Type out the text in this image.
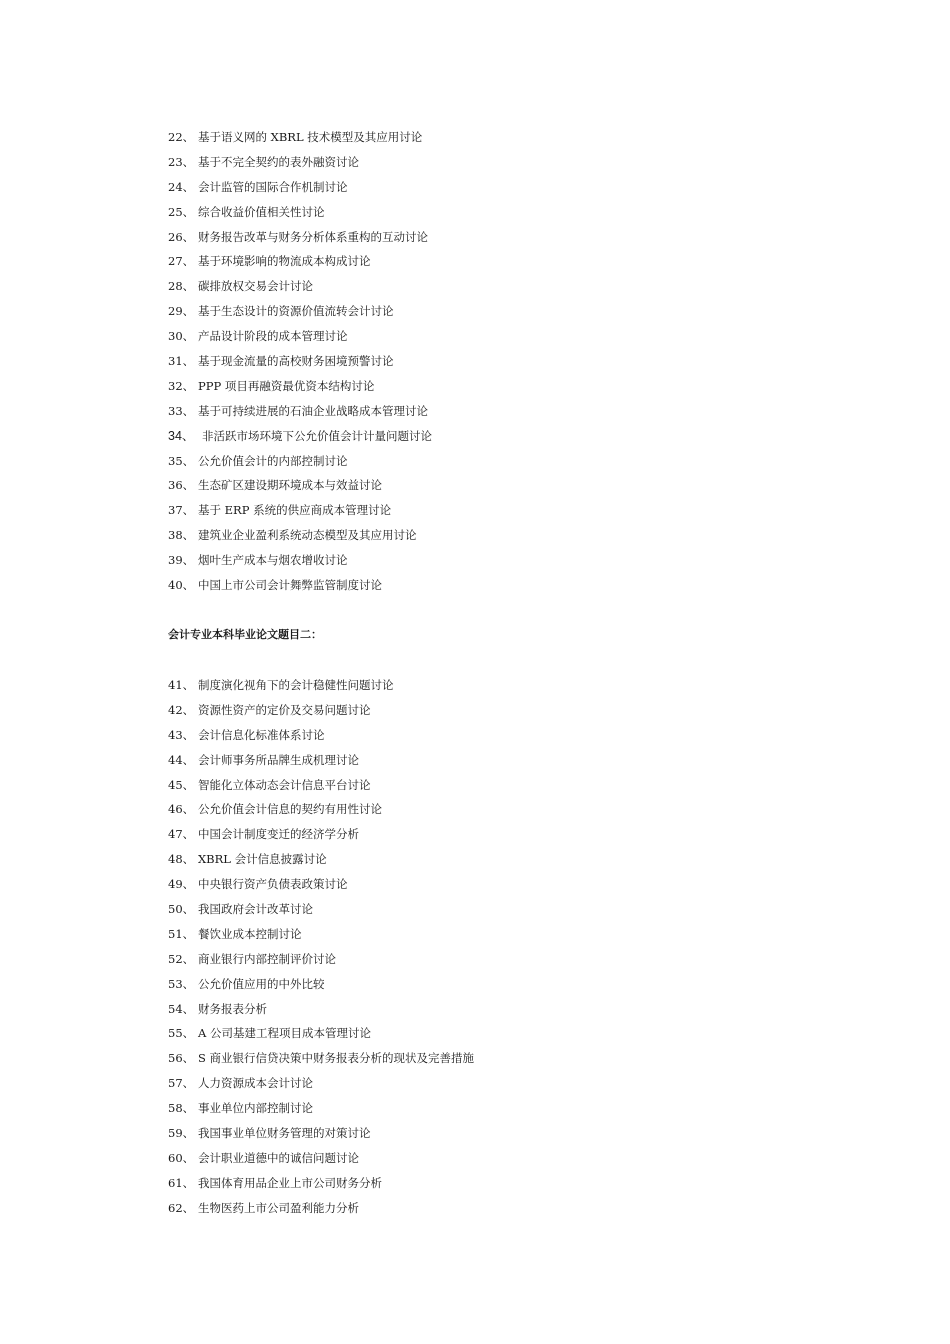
22、 基于语义网的 XBRL 技术模型及其应用讨论
23、 基于不完全契约的表外融资讨论
24、 会计监管的国际合作机制讨论
25、 综合收益价值相关性讨论
26、 财务报告改革与财务分析体系重构的互动讨论
27、 基于环境影响的物流成本构成讨论
28、 碳排放权交易会计讨论
29、 基于生态设计的资源价值流转会计讨论
30、 产品设计阶段的成本管理讨论
31、 基于现金流量的高校财务困境预警讨论
32、 PPP 项目再融资最优资本结构讨论
33、 基于可持续进展的石油企业战略成本管理讨论
34、 非活跃市场环境下公允价值会计计量问题讨论
35、 公允价值会计的内部控制讨论
36、 生态矿区建设期环境成本与效益讨论
37、 基于 ERP 系统的供应商成本管理讨论
38、 建筑业企业盈利系统动态模型及其应用讨论
39、 烟叶生产成本与烟农增收讨论
40、 中国上市公司会计舞弊监管制度讨论
会计专业本科毕业论文题目二：
41、 制度演化视角下的会计稳健性问题讨论
42、 资源性资产的定价及交易问题讨论
43、 会计信息化标准体系讨论
44、 会计师事务所品牌生成机理讨论
45、 智能化立体动态会计信息平台讨论
46、 公允价值会计信息的契约有用性讨论
47、 中国会计制度变迁的经济学分析
48、 XBRL 会计信息披露讨论
49、 中央银行资产负债表政策讨论
50、 我国政府会计改革讨论
51、 餐饮业成本控制讨论
52、 商业银行内部控制评价讨论
53、 公允价值应用的中外比较
54、 财务报表分析
55、 A 公司基建工程项目成本管理讨论
56、 S 商业银行信贷决策中财务报表分析的现状及完善措施
57、 人力资源成本会计讨论
58、 事业单位内部控制讨论
59、 我国事业单位财务管理的对策讨论
60、 会计职业道德中的诚信问题讨论
61、 我国体育用品企业上市公司财务分析
62、 生物医药上市公司盈利能力分析
